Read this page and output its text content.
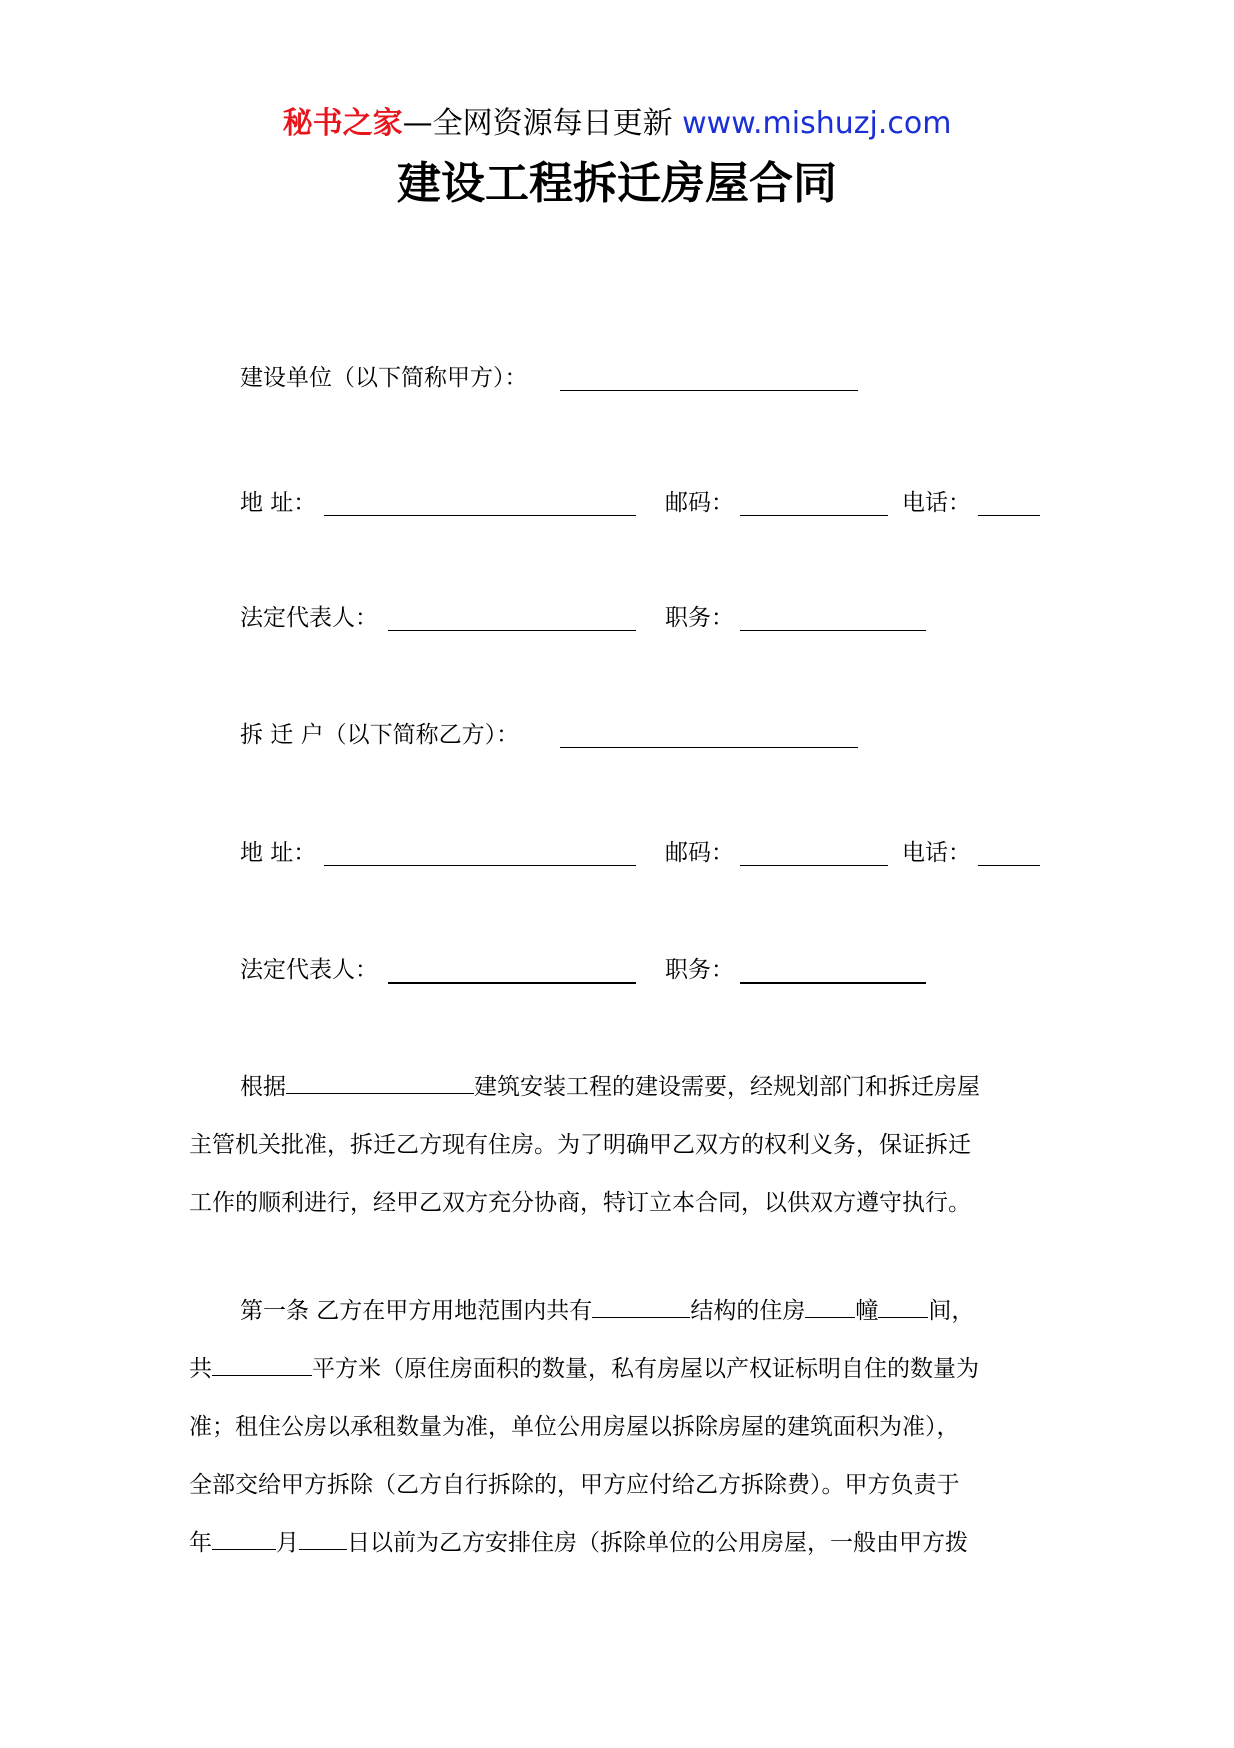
秘书之家—全网资源每日更新 www.mishuzj.com
建设工程拆迁房屋合同
建设单位（以下简称甲方）：
地 址：	邮码：	电话：
法定代表人：	职务：
拆 迁 户（以下简称乙方）：
地 址：	邮码：	电话：
法定代表人：	职务：
根据	建筑安装工程的建设需要，经规划部门和拆迁房屋
主管机关批准，拆迁乙方现有住房。为了明确甲乙双方的权利义务，保证拆迁
工作的顺利进行，经甲乙双方充分协商，特订立本合同，以供双方遵守执行。
第一条 乙方在甲方用地范围内共有	结构的住房 幢 间，
共	平方米（原住房面积的数量，私有房屋以产权证标明自住的数量为
准；租住公房以承租数量为准，单位公用房屋以拆除房屋的建筑面积为准），
全部交给甲方拆除（乙方自行拆除的，甲方应付给乙方拆除费）。甲方负责于
年	月 日以前为乙方安排住房（拆除单位的公用房屋，一般由甲方拨
